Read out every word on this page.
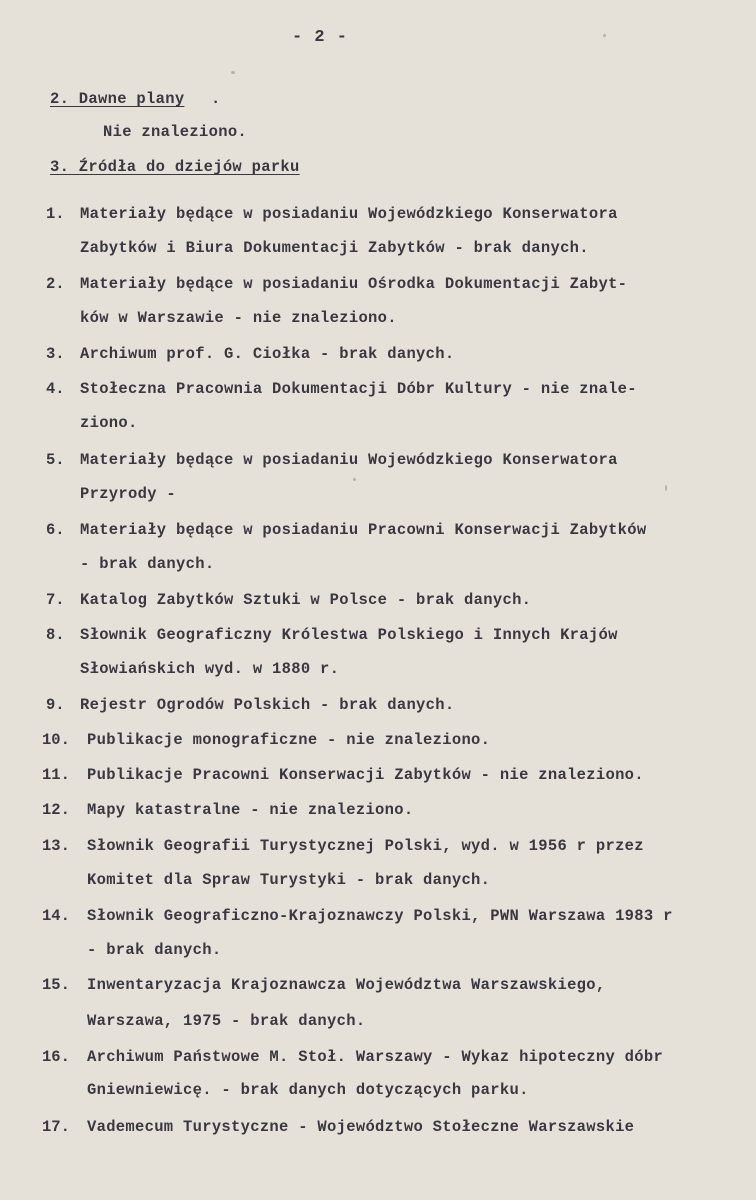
- 2 -
2. Dawne plany .
Nie znaleziono.
3. Źródła do dziejów parku
1. Materiały będące w posiadaniu Wojewódzkiego Konserwatora
Zabytków i Biura Dokumentacji Zabytków - brak danych.
2. Materiały będące w posiadaniu Ośrodka Dokumentacji Zabyt-
ków w Warszawie - nie znaleziono.
3. Archiwum prof. G. Ciołka - brak danych.
4. Stołeczna Pracownia Dokumentacji Dóbr Kultury - nie znale-
ziono.
5. Materiały będące w posiadaniu Wojewódzkiego Konserwatora
Przyrody -
6. Materiały będące w posiadaniu Pracowni Konserwacji Zabytków
- brak danych.
7. Katalog Zabytków Sztuki w Polsce - brak danych.
8. Słownik Geograficzny Królestwa Polskiego i Innych Krajów
Słowiańskich wyd. w 1880 r.
9. Rejestr Ogrodów Polskich - brak danych.
10. Publikacje monograficzne - nie znaleziono.
11. Publikacje Pracowni Konserwacji Zabytków - nie znaleziono.
12. Mapy katastralne - nie znaleziono.
13. Słownik Geografii Turystycznej Polski, wyd. w 1956 r przez
Komitet dla Spraw Turystyki - brak danych.
14. Słownik Geograficzno-Krajoznawczy Polski, PWN Warszawa 1983 r
- brak danych.
15. Inwentaryzacja Krajoznawcza Województwa Warszawskiego,
Warszawa, 1975 - brak danych.
16. Archiwum Państwowe M. Stoł. Warszawy - Wykaz hipoteczny dóbr
Gniewniewicę. - brak danych dotyczących parku.
17. Vademecum Turystyczne - Województwo Stołeczne Warszawskie
